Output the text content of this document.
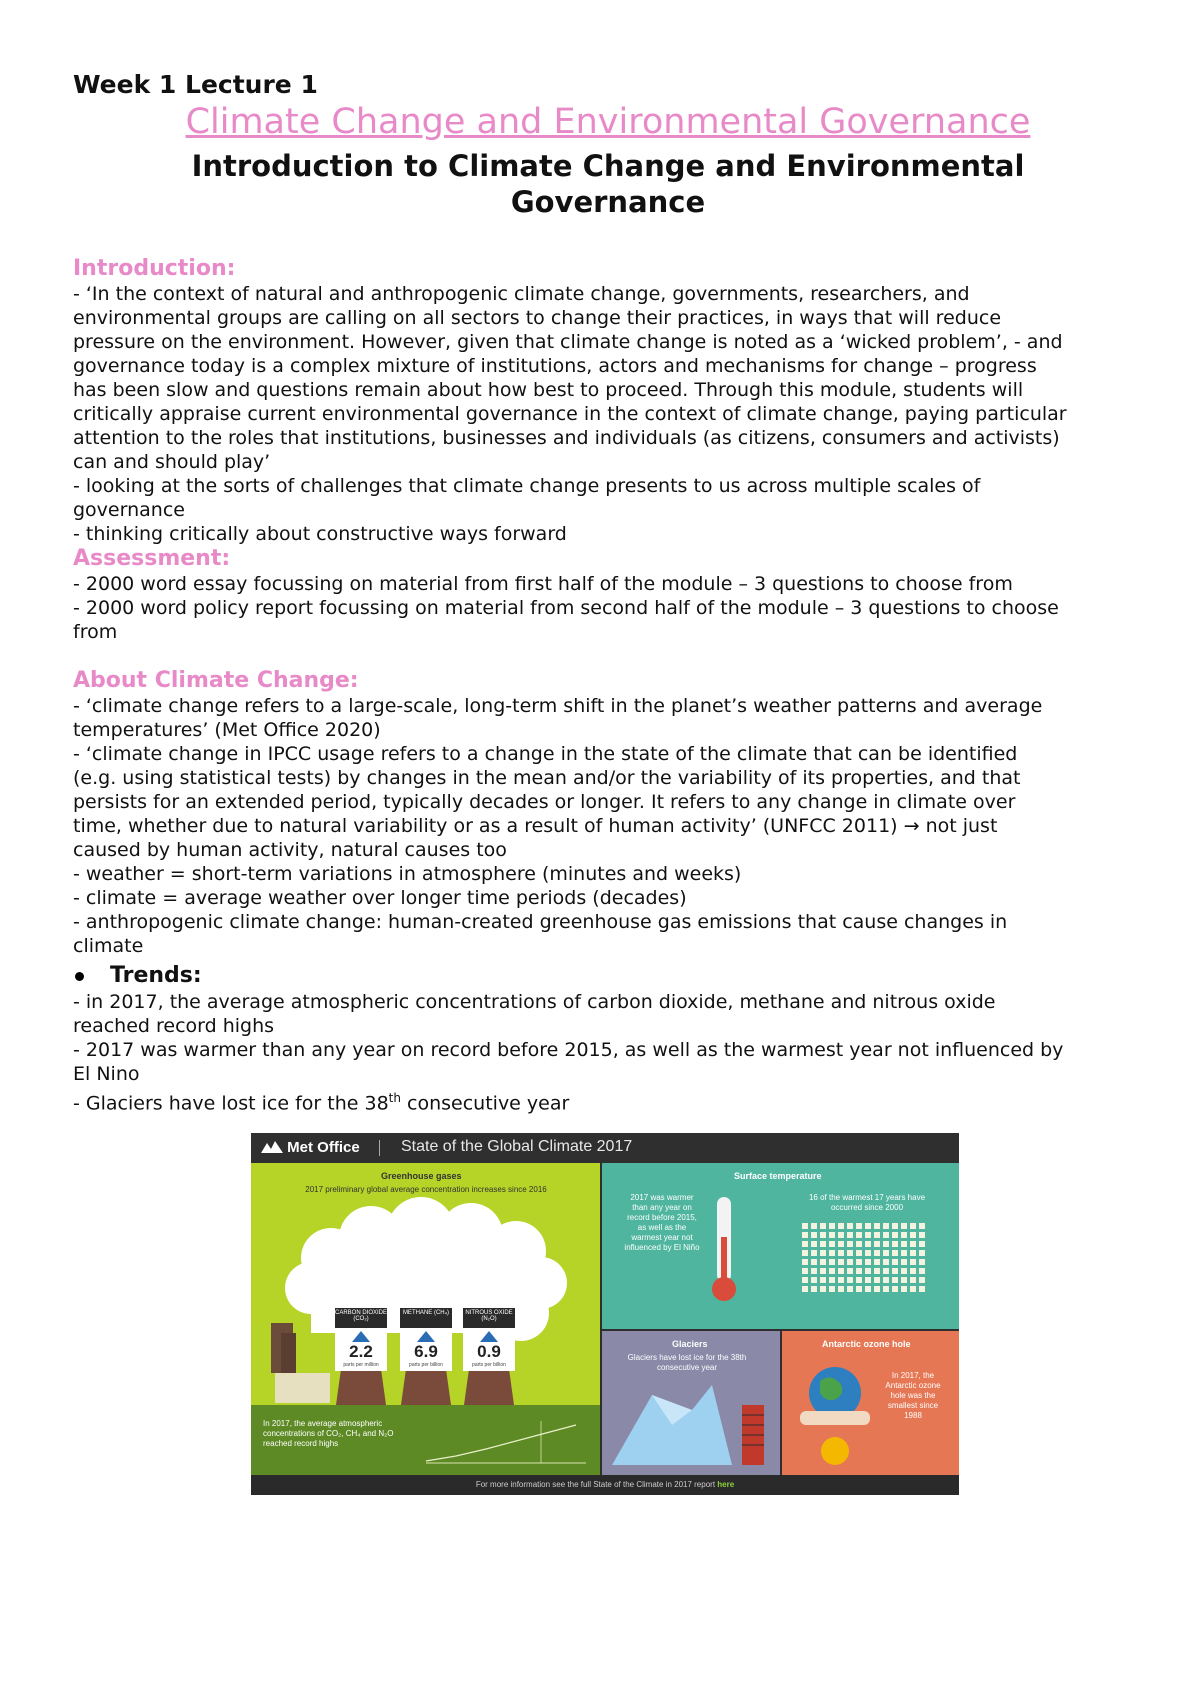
Week 1 Lecture 1
Climate Change and Environmental Governance
Introduction to Climate Change and Environmental Governance
Introduction:

- ‘In the context of natural and anthropogenic climate change, governments, researchers, and

environmental groups are calling on all sectors to change their practices, in ways that will reduce

pressure on the environment. However, given that climate change is noted as a ‘wicked problem’, - and

governance today is a complex mixture of institutions, actors and mechanisms for change – progress

has been slow and questions remain about how best to proceed. Through this module, students will

critically appraise current environmental governance in the context of climate change, paying particular

attention to the roles that institutions, businesses and individuals (as citizens, consumers and activists)

can and should play’

- looking at the sorts of challenges that climate change presents to us across multiple scales of

governance

- thinking critically about constructive ways forward

Assessment:

- 2000 word essay focussing on material from first half of the module – 3 questions to choose from

- 2000 word policy report focussing on material from second half of the module – 3 questions to choose

from

About Climate Change:

- ‘climate change refers to a large-scale, long-term shift in the planet’s weather patterns and average

temperatures’ (Met Office 2020)

- ‘climate change in IPCC usage refers to a change in the state of the climate that can be identified

(e.g. using statistical tests) by changes in the mean and/or the variability of its properties, and that

persists for an extended period, typically decades or longer. It refers to any change in climate over

time, whether due to natural variability or as a result of human activity’ (UNFCC 2011) → not just

caused by human activity, natural causes too

- weather = short-term variations in atmosphere (minutes and weeks)

- climate = average weather over longer time periods (decades)

- anthropogenic climate change: human-created greenhouse gas emissions that cause changes in

climate

Trends:

- in 2017, the average atmospheric concentrations of carbon dioxide, methane and nitrous oxide

reached record highs

- 2017 was warmer than any year on record before 2015, as well as the warmest year not influenced by

El Nino

- Glaciers have lost ice for the 38th consecutive year

Met Office	State of the Global Climate 2017
Greenhouse gases
2017 preliminary global average concentration increases since 2016
CARBON DIOXIDE (CO₂)
2.2
parts per million
METHANE (CH₄)
6.9
parts per billion
NITROUS OXIDE (N₂O)
0.9
parts per billion
In 2017, the average atmospheric concentrations of CO₂, CH₄ and N₂O reached record highs
Surface temperature
2017 was warmer than any year on record before 2015, as well as the warmest year not influenced by El Niño
16 of the warmest 17 years have occurred since 2000
Glaciers
Glaciers have lost ice for the 38th consecutive year
Antarctic ozone hole
In 2017, the Antarctic ozone hole was the smallest since 1988
For more information see the full State of the Climate in 2017 report here
